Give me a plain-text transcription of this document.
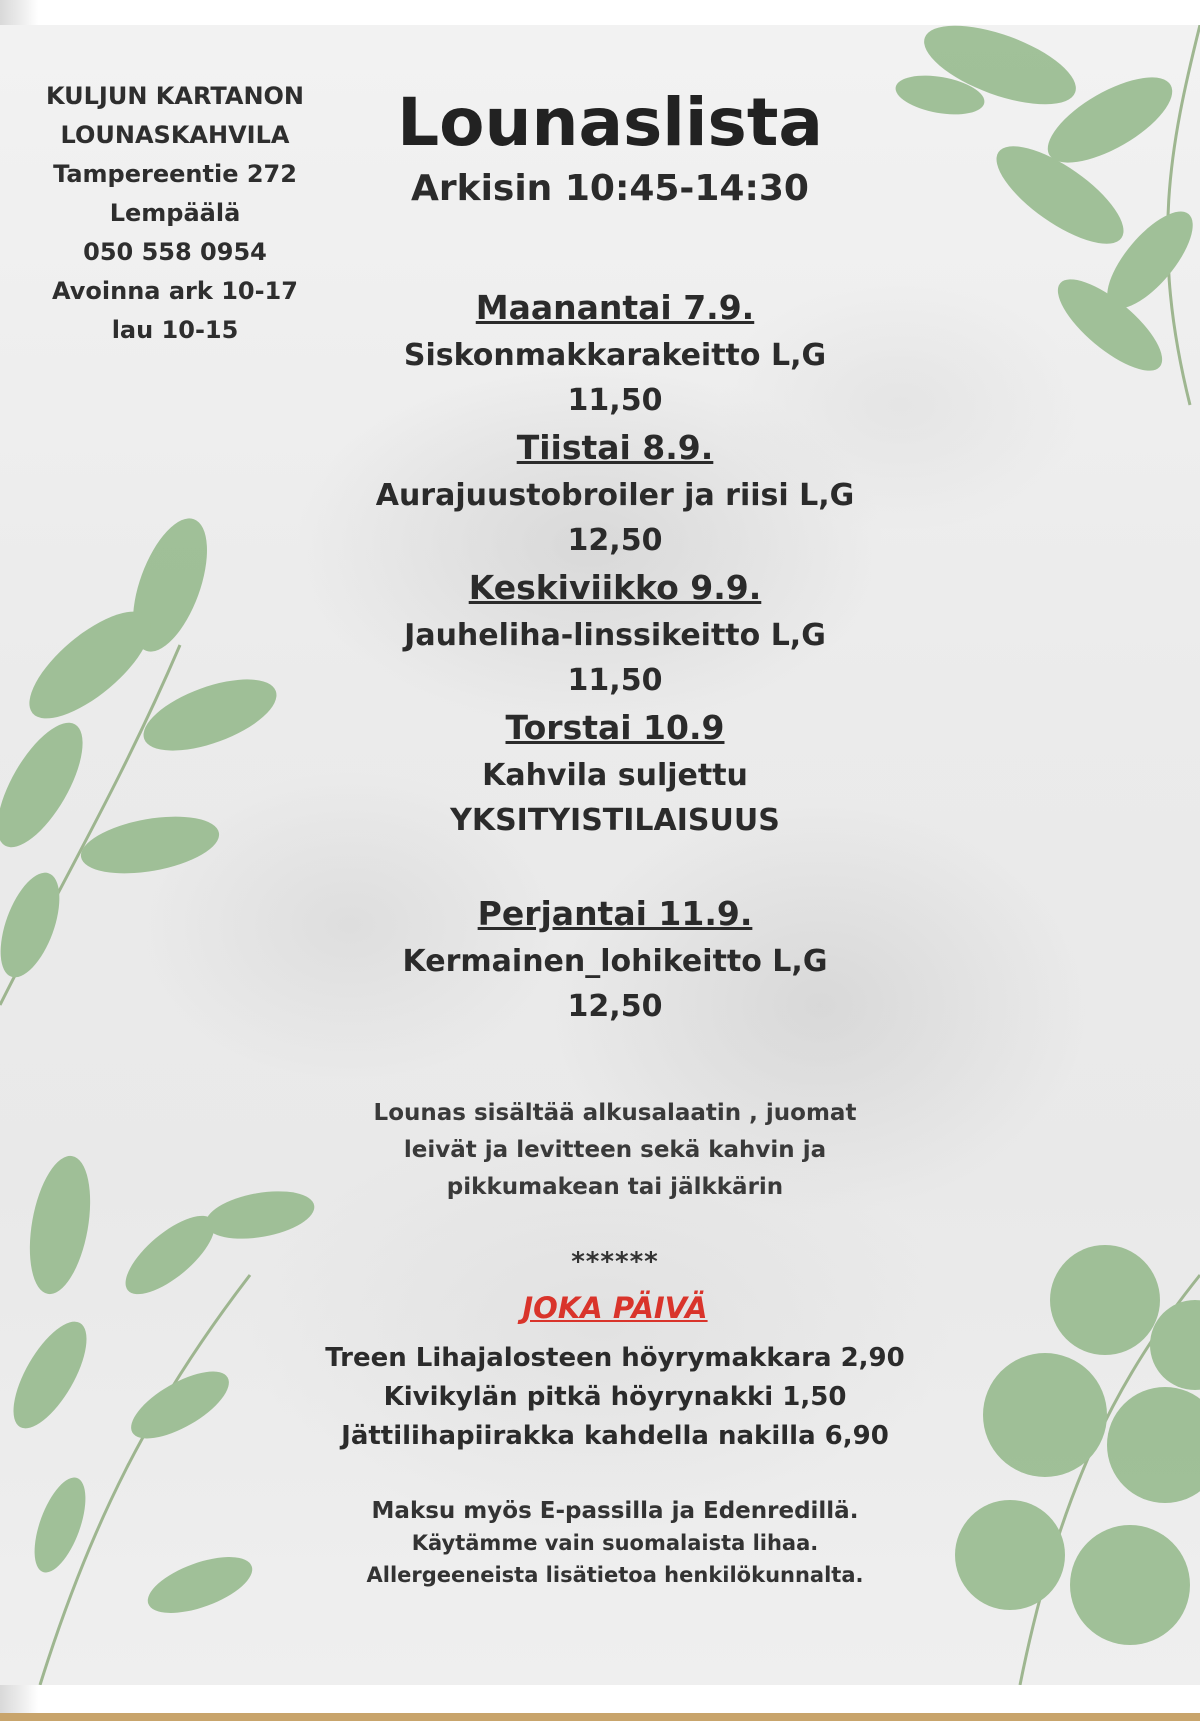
KULJUN KARTANON
LOUNASKAHVILA
Tampereentie 272
Lempäälä
050 558 0954
Avoinna ark 10-17
lau 10-15
Lounaslista
Arkisin 10:45-14:30
Maanantai 7.9.
Siskonmakkarakeitto L,G
11,50
Tiistai 8.9.
Aurajuustobroiler ja riisi L,G
12,50
Keskiviikko 9.9.
Jauheliha-linssikeitto L,G
11,50
Torstai 10.9
Kahvila suljettu
YKSITYISTILAISUUS
Perjantai 11.9.
Kermainen_lohikeitto L,G
12,50
Lounas sisältää alkusalaatin , juomat
leivät ja levitteen sekä kahvin ja
pikkumakean tai jälkkärin
******
JOKA PÄIVÄ
Treen Lihajalosteen höyrymakkara 2,90
Kivikylän pitkä höyrynakki 1,50
Jättilihapiirakka kahdella nakilla 6,90
Maksu myös E-passilla ja Edenredillä.
Käytämme vain suomalaista lihaa.
Allergeeneista lisätietoa henkilökunnalta.
